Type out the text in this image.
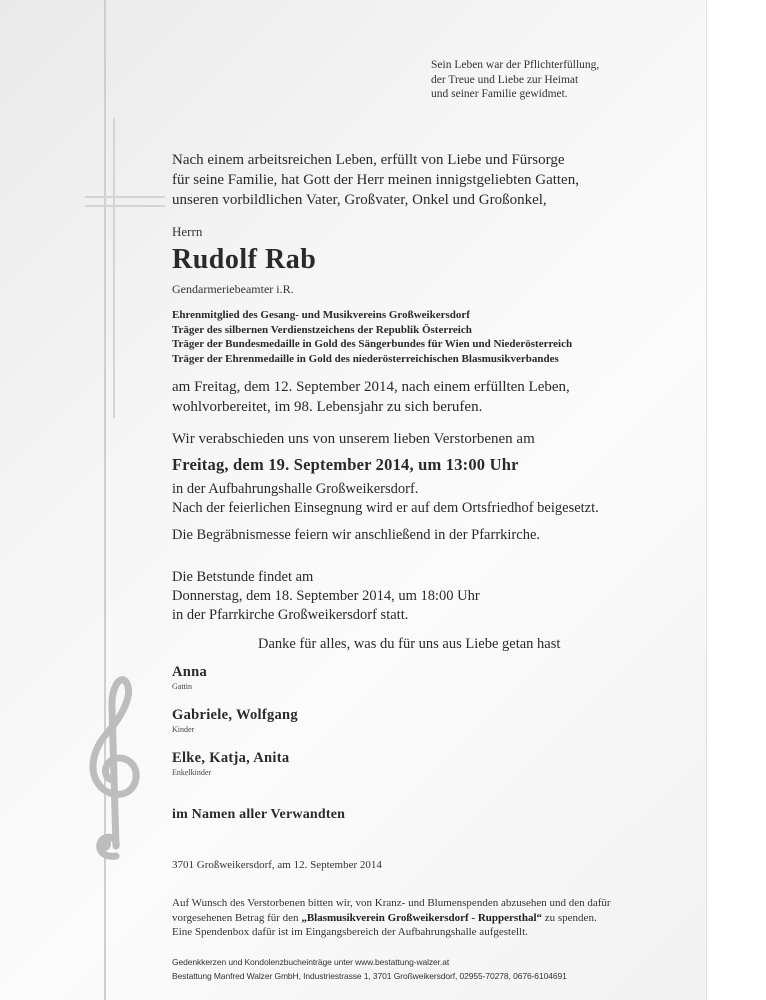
Sein Leben war der Pflichterfüllung,
der Treue und Liebe zur Heimat
und seiner Familie gewidmet.
Nach einem arbeitsreichen Leben, erfüllt von Liebe und Fürsorge
für seine Familie, hat Gott der Herr meinen innigstgeliebten Gatten,
unseren vorbildlichen Vater, Großvater, Onkel und Großonkel,
Herrn
Rudolf Rab
Gendarmeriebeamter i.R.
Ehrenmitglied des Gesang- und Musikvereins Großweikersdorf
Träger des silbernen Verdienstzeichens der Republik Österreich
Träger der Bundesmedaille in Gold des Sängerbundes für Wien und Niederösterreich
Träger der Ehrenmedaille in Gold des niederösterreichischen Blasmusikverbandes
am Freitag, dem 12. September 2014, nach einem erfüllten Leben,
wohlvorbereitet, im 98. Lebensjahr zu sich berufen.
Wir verabschieden uns von unserem lieben Verstorbenen am
Freitag, dem 19. September 2014, um 13:00 Uhr
in der Aufbahrungshalle Großweikersdorf.
Nach der feierlichen Einsegnung wird er auf dem Ortsfriedhof beigesetzt.
Die Begräbnismesse feiern wir anschließend in der Pfarrkirche.
Die Betstunde findet am
Donnerstag, dem 18. September 2014, um 18:00 Uhr
in der Pfarrkirche Großweikersdorf statt.
Danke für alles, was du für uns aus Liebe getan hast
Anna
Gattin
Gabriele, Wolfgang
Kinder
Elke, Katja, Anita
Enkelkinder
im Namen aller Verwandten
3701 Großweikersdorf, am 12. September 2014
Auf Wunsch des Verstorbenen bitten wir, von Kranz- und Blumenspenden abzusehen und den dafür
vorgesehenen Betrag für den „Blasmusikverein Großweikersdorf - Ruppersthal“ zu spenden.
Eine Spendenbox dafür ist im Eingangsbereich der Aufbahrungshalle aufgestellt.
Gedenkkerzen und Kondolenzbucheinträge unter www.bestattung-walzer.at
Bestattung Manfred Walzer GmbH, Industriestrasse 1, 3701 Großweikersdorf, 02955-70278, 0676-6104691
